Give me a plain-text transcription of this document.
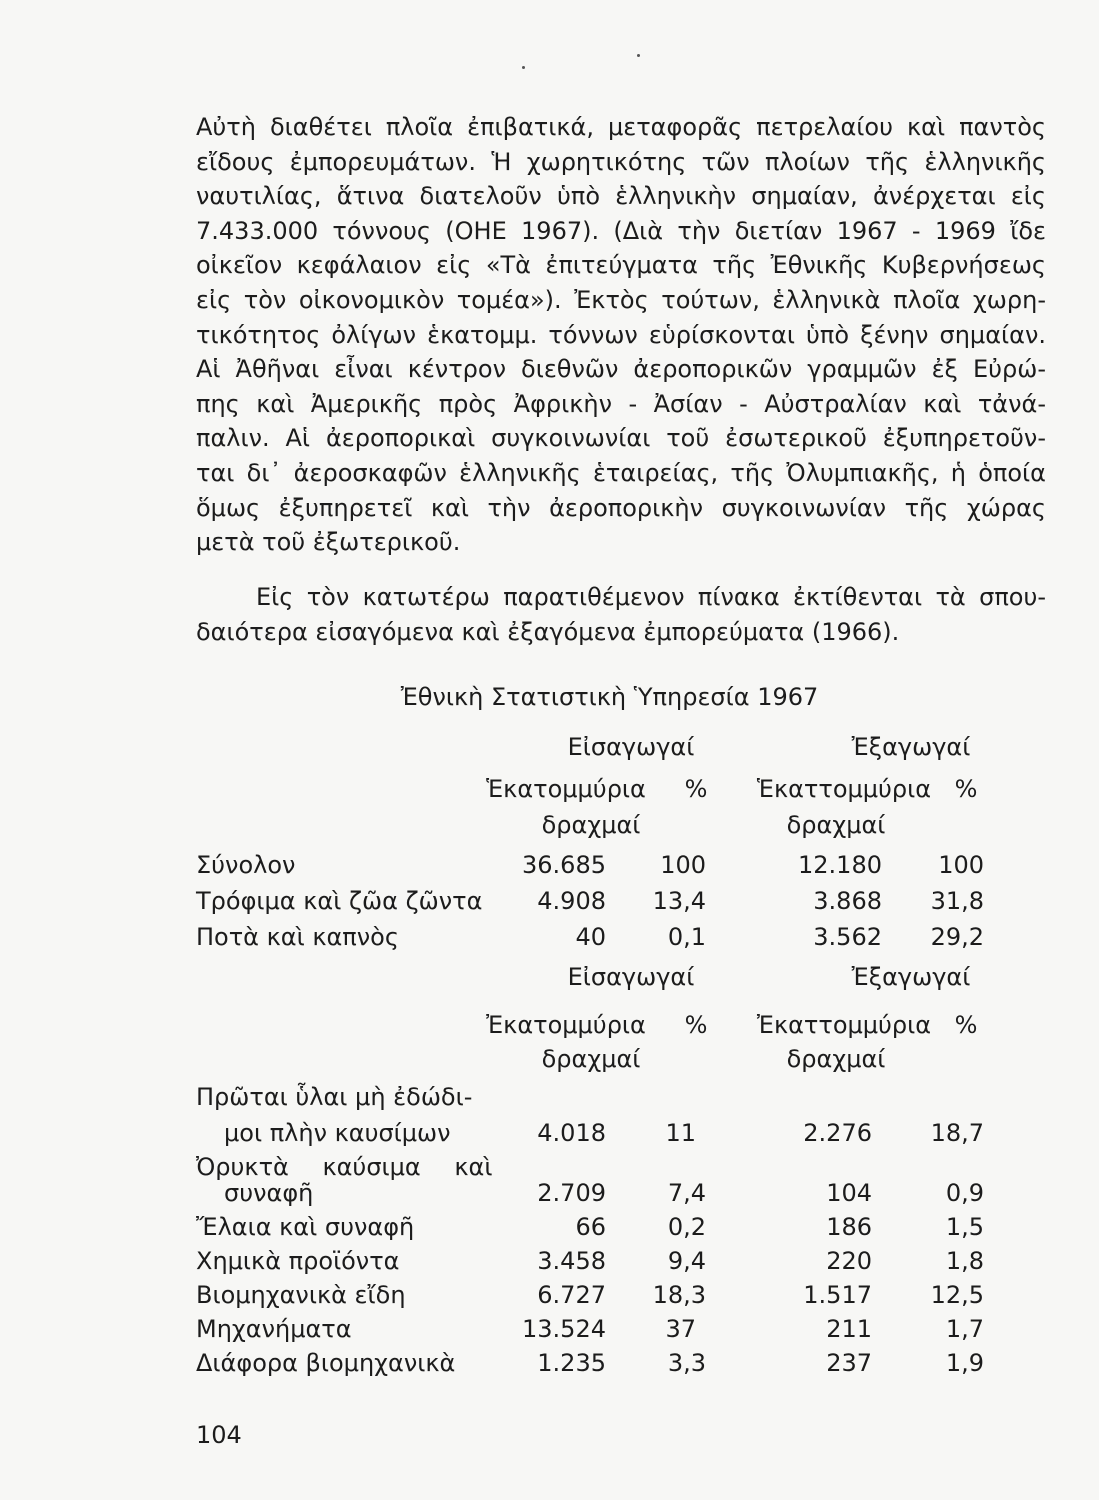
Αὐτὴ διαθέτει πλοῖα ἐπιβατικά, μεταφορᾶς πετρελαίου καὶ παντὸς
εἴδους ἐμπορευμάτων. Ἡ χωρητικότης τῶν πλοίων τῆς ἑλληνικῆς
ναυτιλίας, ἅτινα διατελοῦν ὑπὸ ἑλληνικὴν σημαίαν, ἀνέρχεται εἰς
7.433.000 τόννους (ΟΗΕ 1967). (Διὰ τὴν διετίαν 1967 - 1969 ἴδε
οἰκεῖον κεφάλαιον εἰς «Τὰ ἐπιτεύγματα τῆς Ἐθνικῆς Κυβερνήσεως
εἰς τὸν οἰκονομικὸν τομέα»). Ἐκτὸς τούτων, ἑλληνικὰ πλοῖα χωρη-
τικότητος ὀλίγων ἑκατομμ. τόννων εὑρίσκονται ὑπὸ ξένην σημαίαν.
Αἱ Ἀθῆναι εἶναι κέντρον διεθνῶν ἀεροπορικῶν γραμμῶν ἐξ Εὐρώ-
πης καὶ Ἀμερικῆς πρὸς Ἀφρικὴν - Ἀσίαν - Αὐστραλίαν καὶ τἀνά-
παλιν. Αἱ ἀεροπορικαὶ συγκοινωνίαι τοῦ ἐσωτερικοῦ ἐξυπηρετοῦν-
ται δι᾿ ἀεροσκαφῶν ἑλληνικῆς ἑταιρείας, τῆς Ὀλυμπιακῆς, ἡ ὁποία
ὅμως ἐξυπηρετεῖ καὶ τὴν ἀεροπορικὴν συγκοινωνίαν τῆς χώρας
μετὰ τοῦ ἐξωτερικοῦ.
Εἰς τὸν κατωτέρω παρατιθέμενον πίνακα ἐκτίθενται τὰ σπου-
δαιότερα εἰσαγόμενα καὶ ἐξαγόμενα ἐμπορεύματα (1966).
Ἐθνικὴ Στατιστικὴ Ὑπηρεσία 1967
Εἰσαγωγαί	Ἐξαγωγαί
Ἑκατομμύρια	%	Ἑκαττομμύρια %
δραχμαί	δραχμαί
Σύνολον	36.685	100	12.180	100
Τρόφιμα καὶ ζῶα ζῶντα	4.908	13,4	3.868	31,8
Ποτὰ καὶ καπνὸς	40	0,1	3.562	29,2
Εἰσαγωγαί	Ἐξαγωγαί
Ἐκατομμύρια	%	Ἐκαττομμύρια %
δραχμαί	δραχμαί
Πρῶται ὗλαι μὴ ἐδώδι-
μοι πλὴν καυσίμων	4.018	11	2.276	18,7
Ὀρυκτὰ καύσιμα καὶ
συναφῆ	2.709	7,4	104	0,9
Ἔλαια καὶ συναφῆ	66	0,2	186	1,5
Χημικὰ προϊόντα	3.458	9,4	220	1,8
Βιομηχανικὰ εἴδη	6.727	18,3	1.517	12,5
Μηχανήματα	13.524	37	211	1,7
Διάφορα βιομηχανικὰ	1.235	3,3	237	1,9
104
